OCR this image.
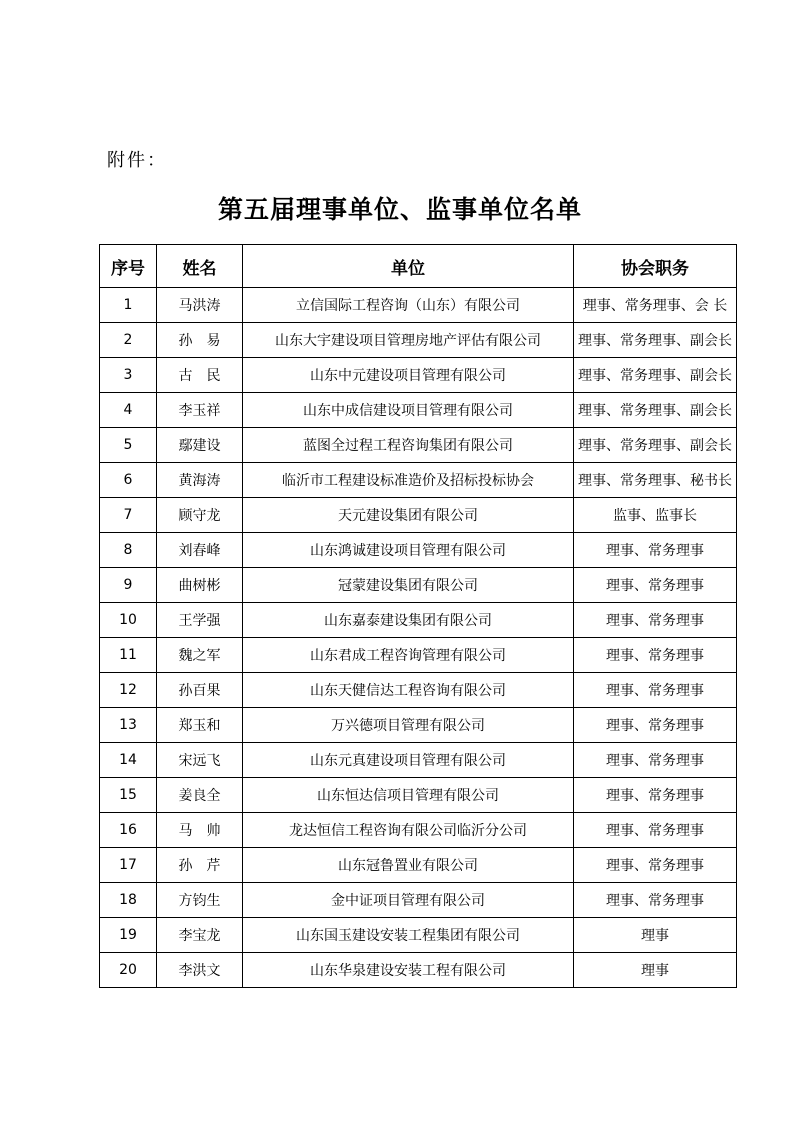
附件：
第五届理事单位、监事单位名单
序号	姓名	单位	协会职务
1	马洪涛	立信国际工程咨询（山东）有限公司	理事、常务理事、会 长
2	孙　易	山东大宇建设项目管理房地产评估有限公司	理事、常务理事、副会长
3	古　民	山东中元建设项目管理有限公司	理事、常务理事、副会长
4	李玉祥	山东中成信建设项目管理有限公司	理事、常务理事、副会长
5	鄢建设	蓝图全过程工程咨询集团有限公司	理事、常务理事、副会长
6	黄海涛	临沂市工程建设标准造价及招标投标协会	理事、常务理事、秘书长
7	顾守龙	天元建设集团有限公司	监事、监事长
8	刘春峰	山东鸿诚建设项目管理有限公司	理事、常务理事
9	曲树彬	冠蒙建设集团有限公司	理事、常务理事
10	王学强	山东嘉泰建设集团有限公司	理事、常务理事
11	魏之军	山东君成工程咨询管理有限公司	理事、常务理事
12	孙百果	山东天健信达工程咨询有限公司	理事、常务理事
13	郑玉和	万兴德项目管理有限公司	理事、常务理事
14	宋远飞	山东元真建设项目管理有限公司	理事、常务理事
15	姜良全	山东恒达信项目管理有限公司	理事、常务理事
16	马　帅	龙达恒信工程咨询有限公司临沂分公司	理事、常务理事
17	孙　芹	山东冠鲁置业有限公司	理事、常务理事
18	方钧生	金中证项目管理有限公司	理事、常务理事
19	李宝龙	山东国玉建设安装工程集团有限公司	理事
20	李洪文	山东华泉建设安装工程有限公司	理事
